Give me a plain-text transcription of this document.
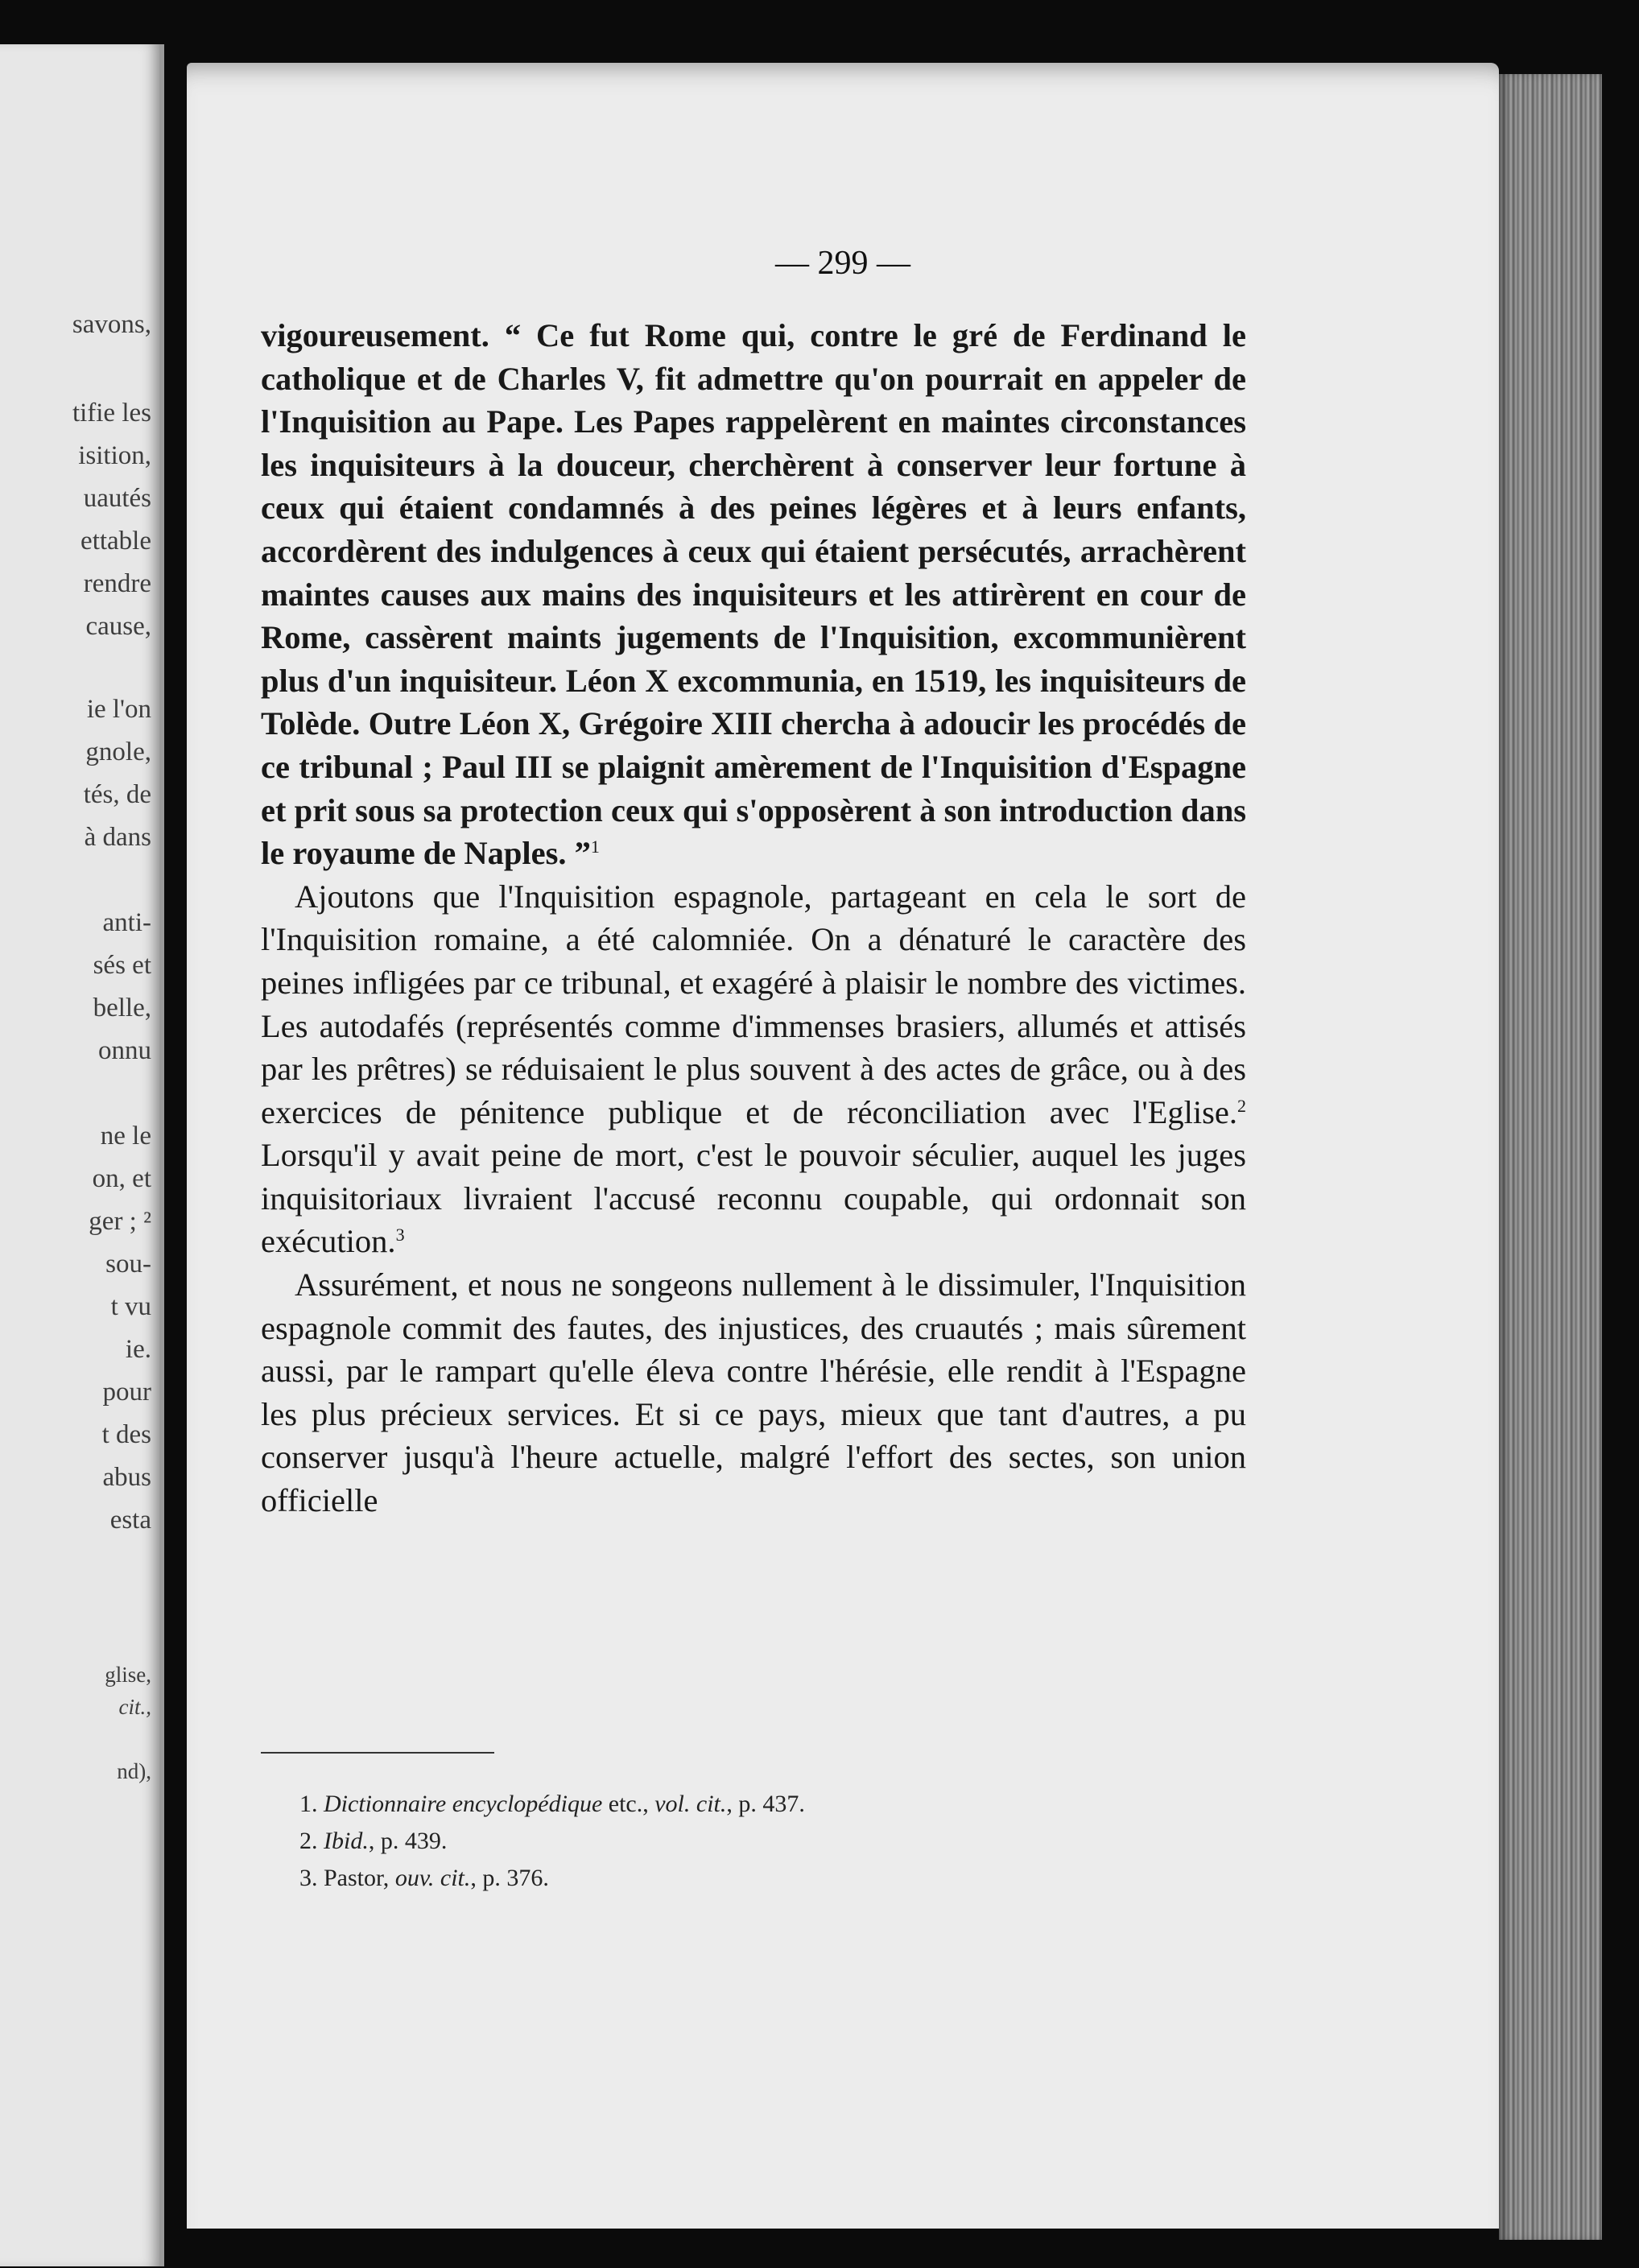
savons,
tifie les
isition,
uautés
ettable
rendre
cause,
ie l'on
gnole,
tés, de
à dans
anti-
sés et
belle,
onnu
ne le
on, et
ger ; ²
sou-
t vu
ie.
pour
t des
abus
esta
glise,
cit.,
nd),
— 299 —

vigoureusement. “ Ce fut Rome qui, contre le gré de Ferdinand le catholique et de Charles V, fit admettre qu'on pourrait en appeler de l'Inquisition au Pape. Les Papes rappelèrent en maintes circonstances les inquisiteurs à la douceur, cherchèrent à conserver leur fortune à ceux qui étaient condamnés à des peines légères et à leurs enfants, accordèrent des indulgences à ceux qui étaient persécutés, arrachèrent maintes causes aux mains des inquisiteurs et les attirèrent en cour de Rome, cassèrent maints jugements de l'Inquisition, excommunièrent plus d'un inquisiteur. Léon X excommunia, en 1519, les inquisiteurs de Tolède. Outre Léon X, Grégoire XIII chercha à adoucir les procédés de ce tribunal ; Paul III se plaignit amèrement de l'Inquisition d'Espagne et prit sous sa protection ceux qui s'opposèrent à son introduction dans le royaume de Naples. ”$^1$

Ajoutons que l'Inquisition espagnole, partageant en cela le sort de l'Inquisition romaine, a été calomniée. On a dénaturé le caractère des peines infligées par ce tribunal, et exagéré à plaisir le nombre des victimes. Les autodafés (représentés comme d'immenses brasiers, allumés et attisés par les prêtres) se réduisaient le plus souvent à des actes de grâce, ou à des exercices de pénitence publique et de réconciliation avec l'Eglise.$^2$ Lorsqu'il y avait peine de mort, c'est le pouvoir séculier, auquel les juges inquisitoriaux livraient l'accusé reconnu coupable, qui ordonnait son exécution.$^3$

Assurément, et nous ne songeons nullement à le dissimuler, l'Inquisition espagnole commit des fautes, des injustices, des cruautés ; mais sûrement aussi, par le rampart qu'elle éleva contre l'hérésie, elle rendit à l'Espagne les plus précieux services. Et si ce pays, mieux que tant d'autres, a pu conserver jusqu'à l'heure actuelle, malgré l'effort des sectes, son union officielle

1. Dictionnaire encyclopédique etc., vol. cit., p. 437.

2. Ibid., p. 439.

3. Pastor, ouv. cit., p. 376.
